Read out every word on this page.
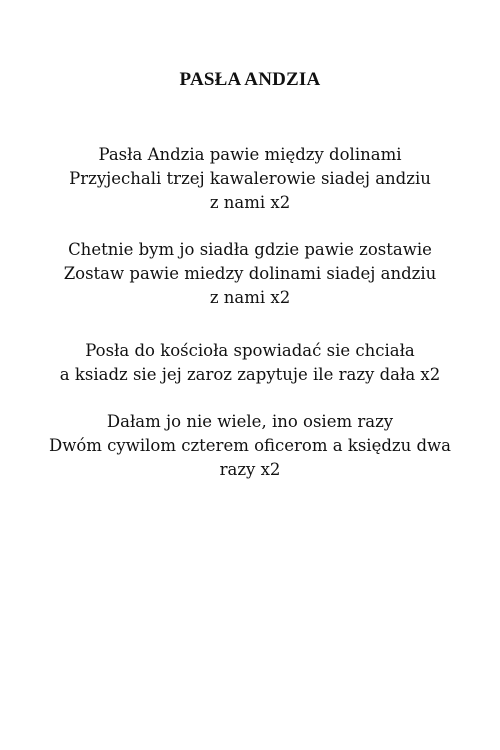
PASŁA ANDZIA

Pasła Andzia pawie między dolinami
Przyjechali trzej kawalerowie siadej andziu
z nami x2

Chetnie bym jo siadła gdzie pawie zostawie
Zostaw pawie miedzy dolinami siadej andziu
z nami x2

Posła do kościoła spowiadać sie chciała
a ksiadz sie jej zaroz zapytuje ile razy dała x2

Dałam jo nie wiele, ino osiem razy
Dwóm cywilom czterem oficerom a księdzu dwa
razy x2
